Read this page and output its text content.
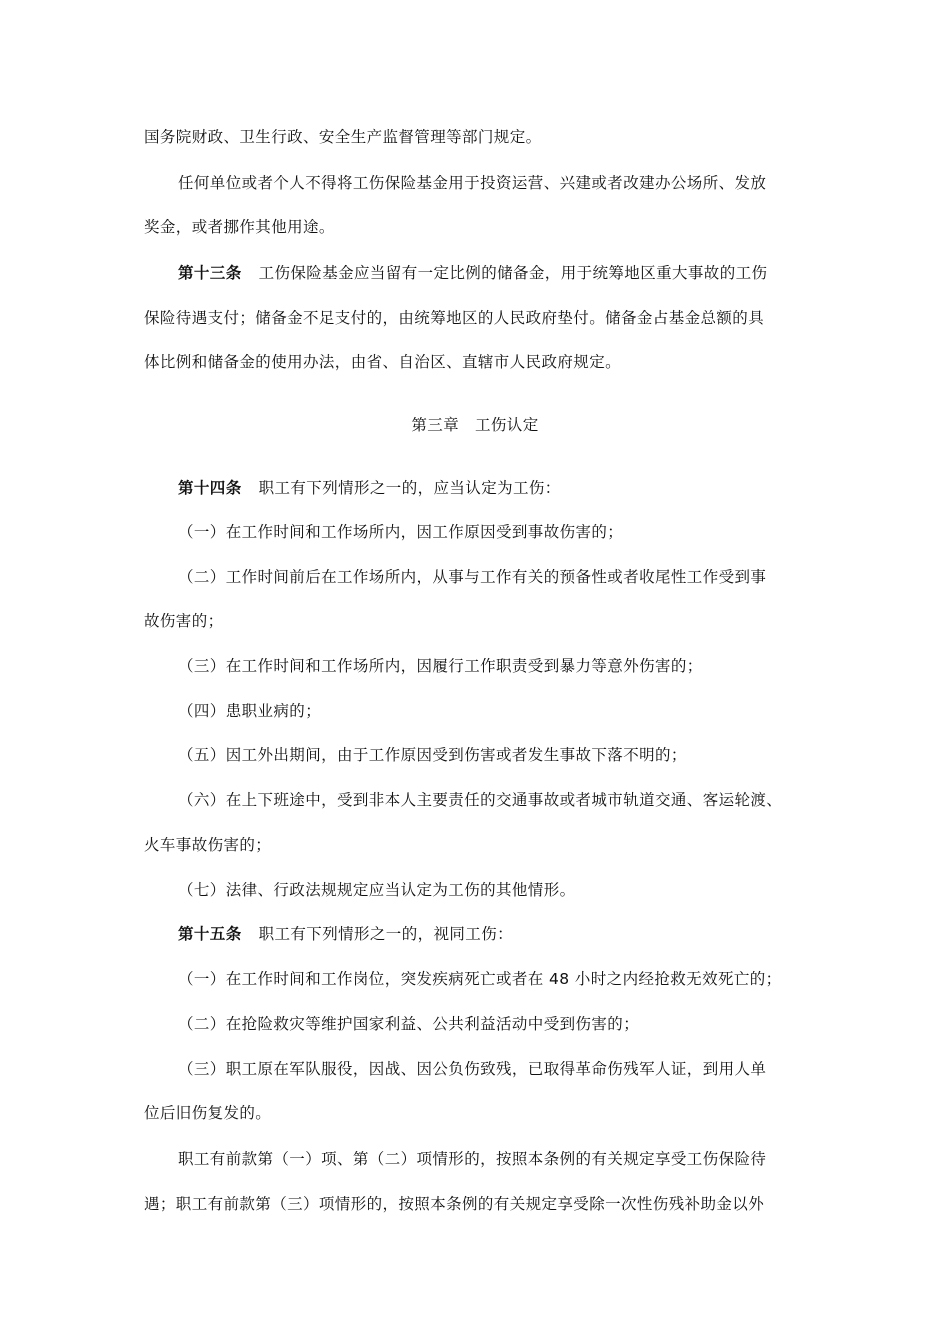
国务院财政、卫生行政、安全生产监督管理等部门规定。
任何单位或者个人不得将工伤保险基金用于投资运营、兴建或者改建办公场所、发放
奖金，或者挪作其他用途。
第十三条 工伤保险基金应当留有一定比例的储备金，用于统筹地区重大事故的工伤
保险待遇支付；储备金不足支付的，由统筹地区的人民政府垫付。储备金占基金总额的具
体比例和储备金的使用办法，由省、自治区、直辖市人民政府规定。
第三章　工伤认定
第十四条 职工有下列情形之一的，应当认定为工伤：
（一）在工作时间和工作场所内，因工作原因受到事故伤害的；
（二）工作时间前后在工作场所内，从事与工作有关的预备性或者收尾性工作受到事
故伤害的；
（三）在工作时间和工作场所内，因履行工作职责受到暴力等意外伤害的；
（四）患职业病的；
（五）因工外出期间，由于工作原因受到伤害或者发生事故下落不明的；
（六）在上下班途中，受到非本人主要责任的交通事故或者城市轨道交通、客运轮渡、
火车事故伤害的；
（七）法律、行政法规规定应当认定为工伤的其他情形。
第十五条 职工有下列情形之一的，视同工伤：
（一）在工作时间和工作岗位，突发疾病死亡或者在 48 小时之内经抢救无效死亡的；
（二）在抢险救灾等维护国家利益、公共利益活动中受到伤害的；
（三）职工原在军队服役，因战、因公负伤致残，已取得革命伤残军人证，到用人单
位后旧伤复发的。
职工有前款第（一）项、第（二）项情形的，按照本条例的有关规定享受工伤保险待
遇；职工有前款第（三）项情形的，按照本条例的有关规定享受除一次性伤残补助金以外
